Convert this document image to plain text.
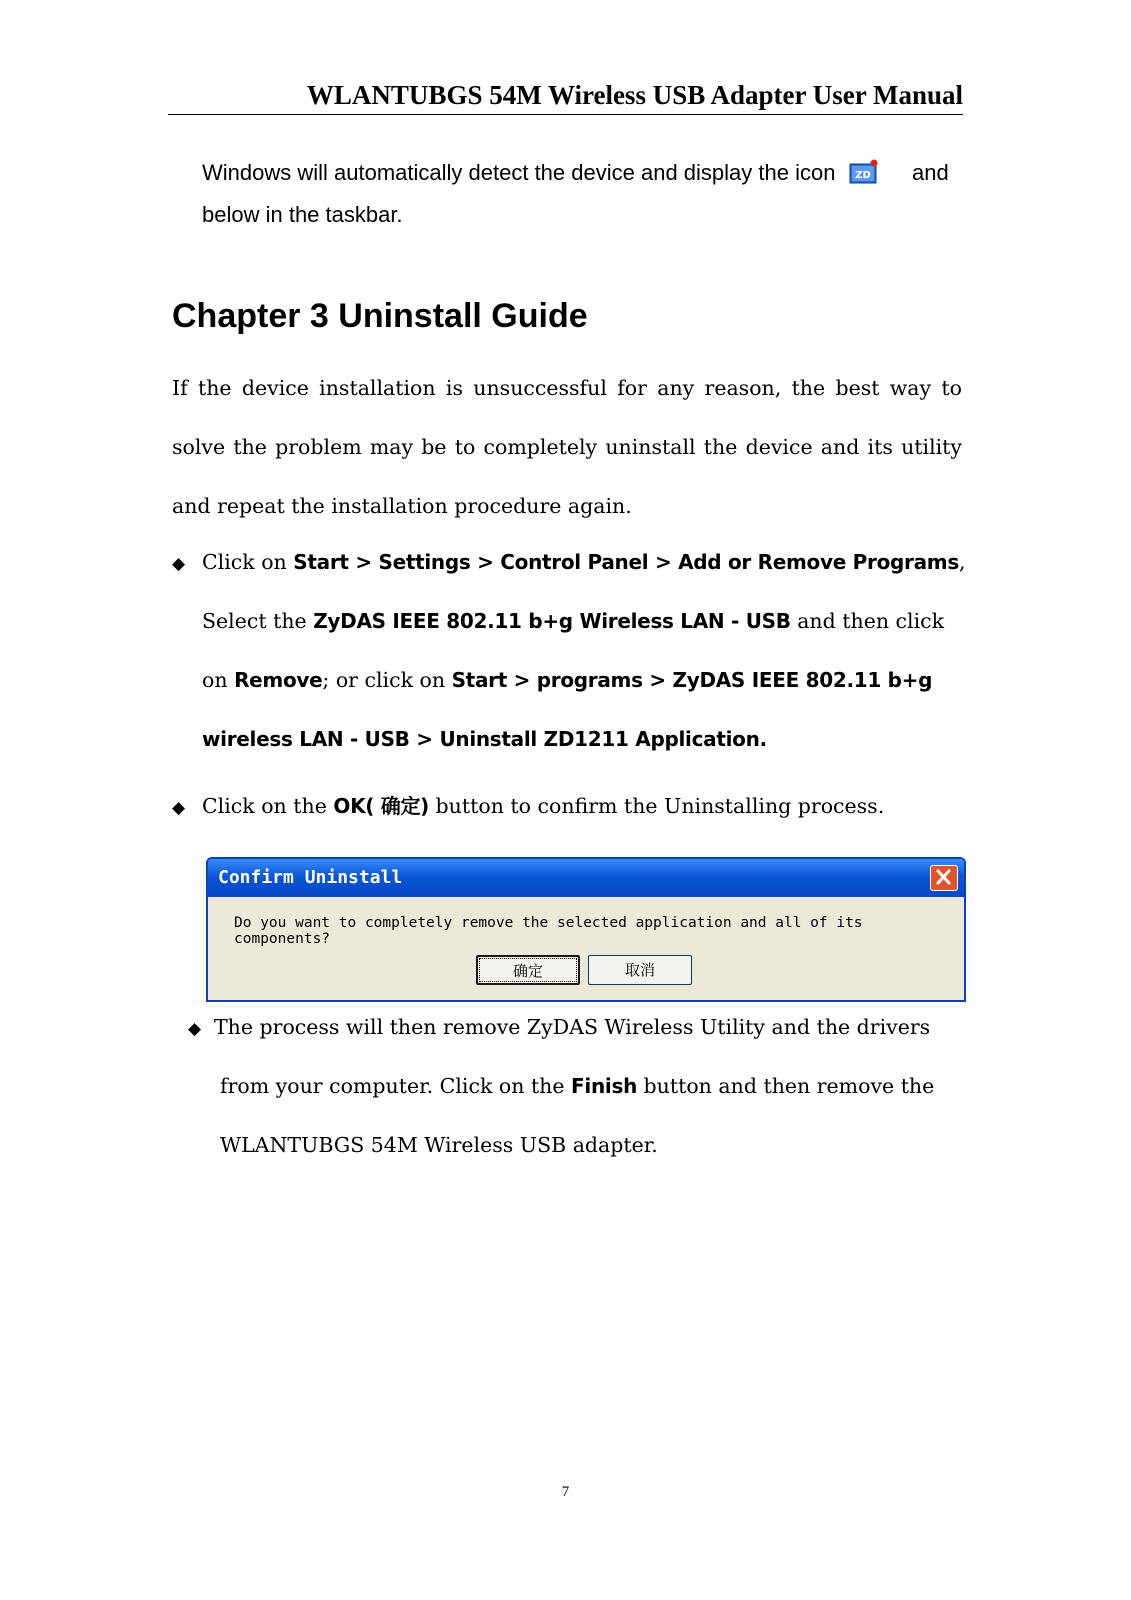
WLANTUBGS 54M Wireless USB Adapter User Manual
Windows will automatically detect the device and display the icon ZD and
below in the taskbar.
Chapter 3 Uninstall Guide
If the device installation is unsuccessful for any reason, the best way to
solve the problem may be to completely uninstall the device and its utility
and repeat the installation procedure again.
◆ Click on Start > Settings > Control Panel > Add or Remove Programs,
Select the ZyDAS IEEE 802.11 b+g Wireless LAN - USB and then click
on Remove; or click on Start > programs > ZyDAS IEEE 802.11 b+g
wireless LAN - USB > Uninstall ZD1211 Application.
◆ Click on the OK( 确定) button to confirm the Uninstalling process.
Confirm Uninstall
Do you want to completely remove the selected application and all of its components?
确定	取消
◆ The process will then remove ZyDAS Wireless Utility and the drivers
from your computer. Click on the Finish button and then remove the
WLANTUBGS 54M Wireless USB adapter.
7
